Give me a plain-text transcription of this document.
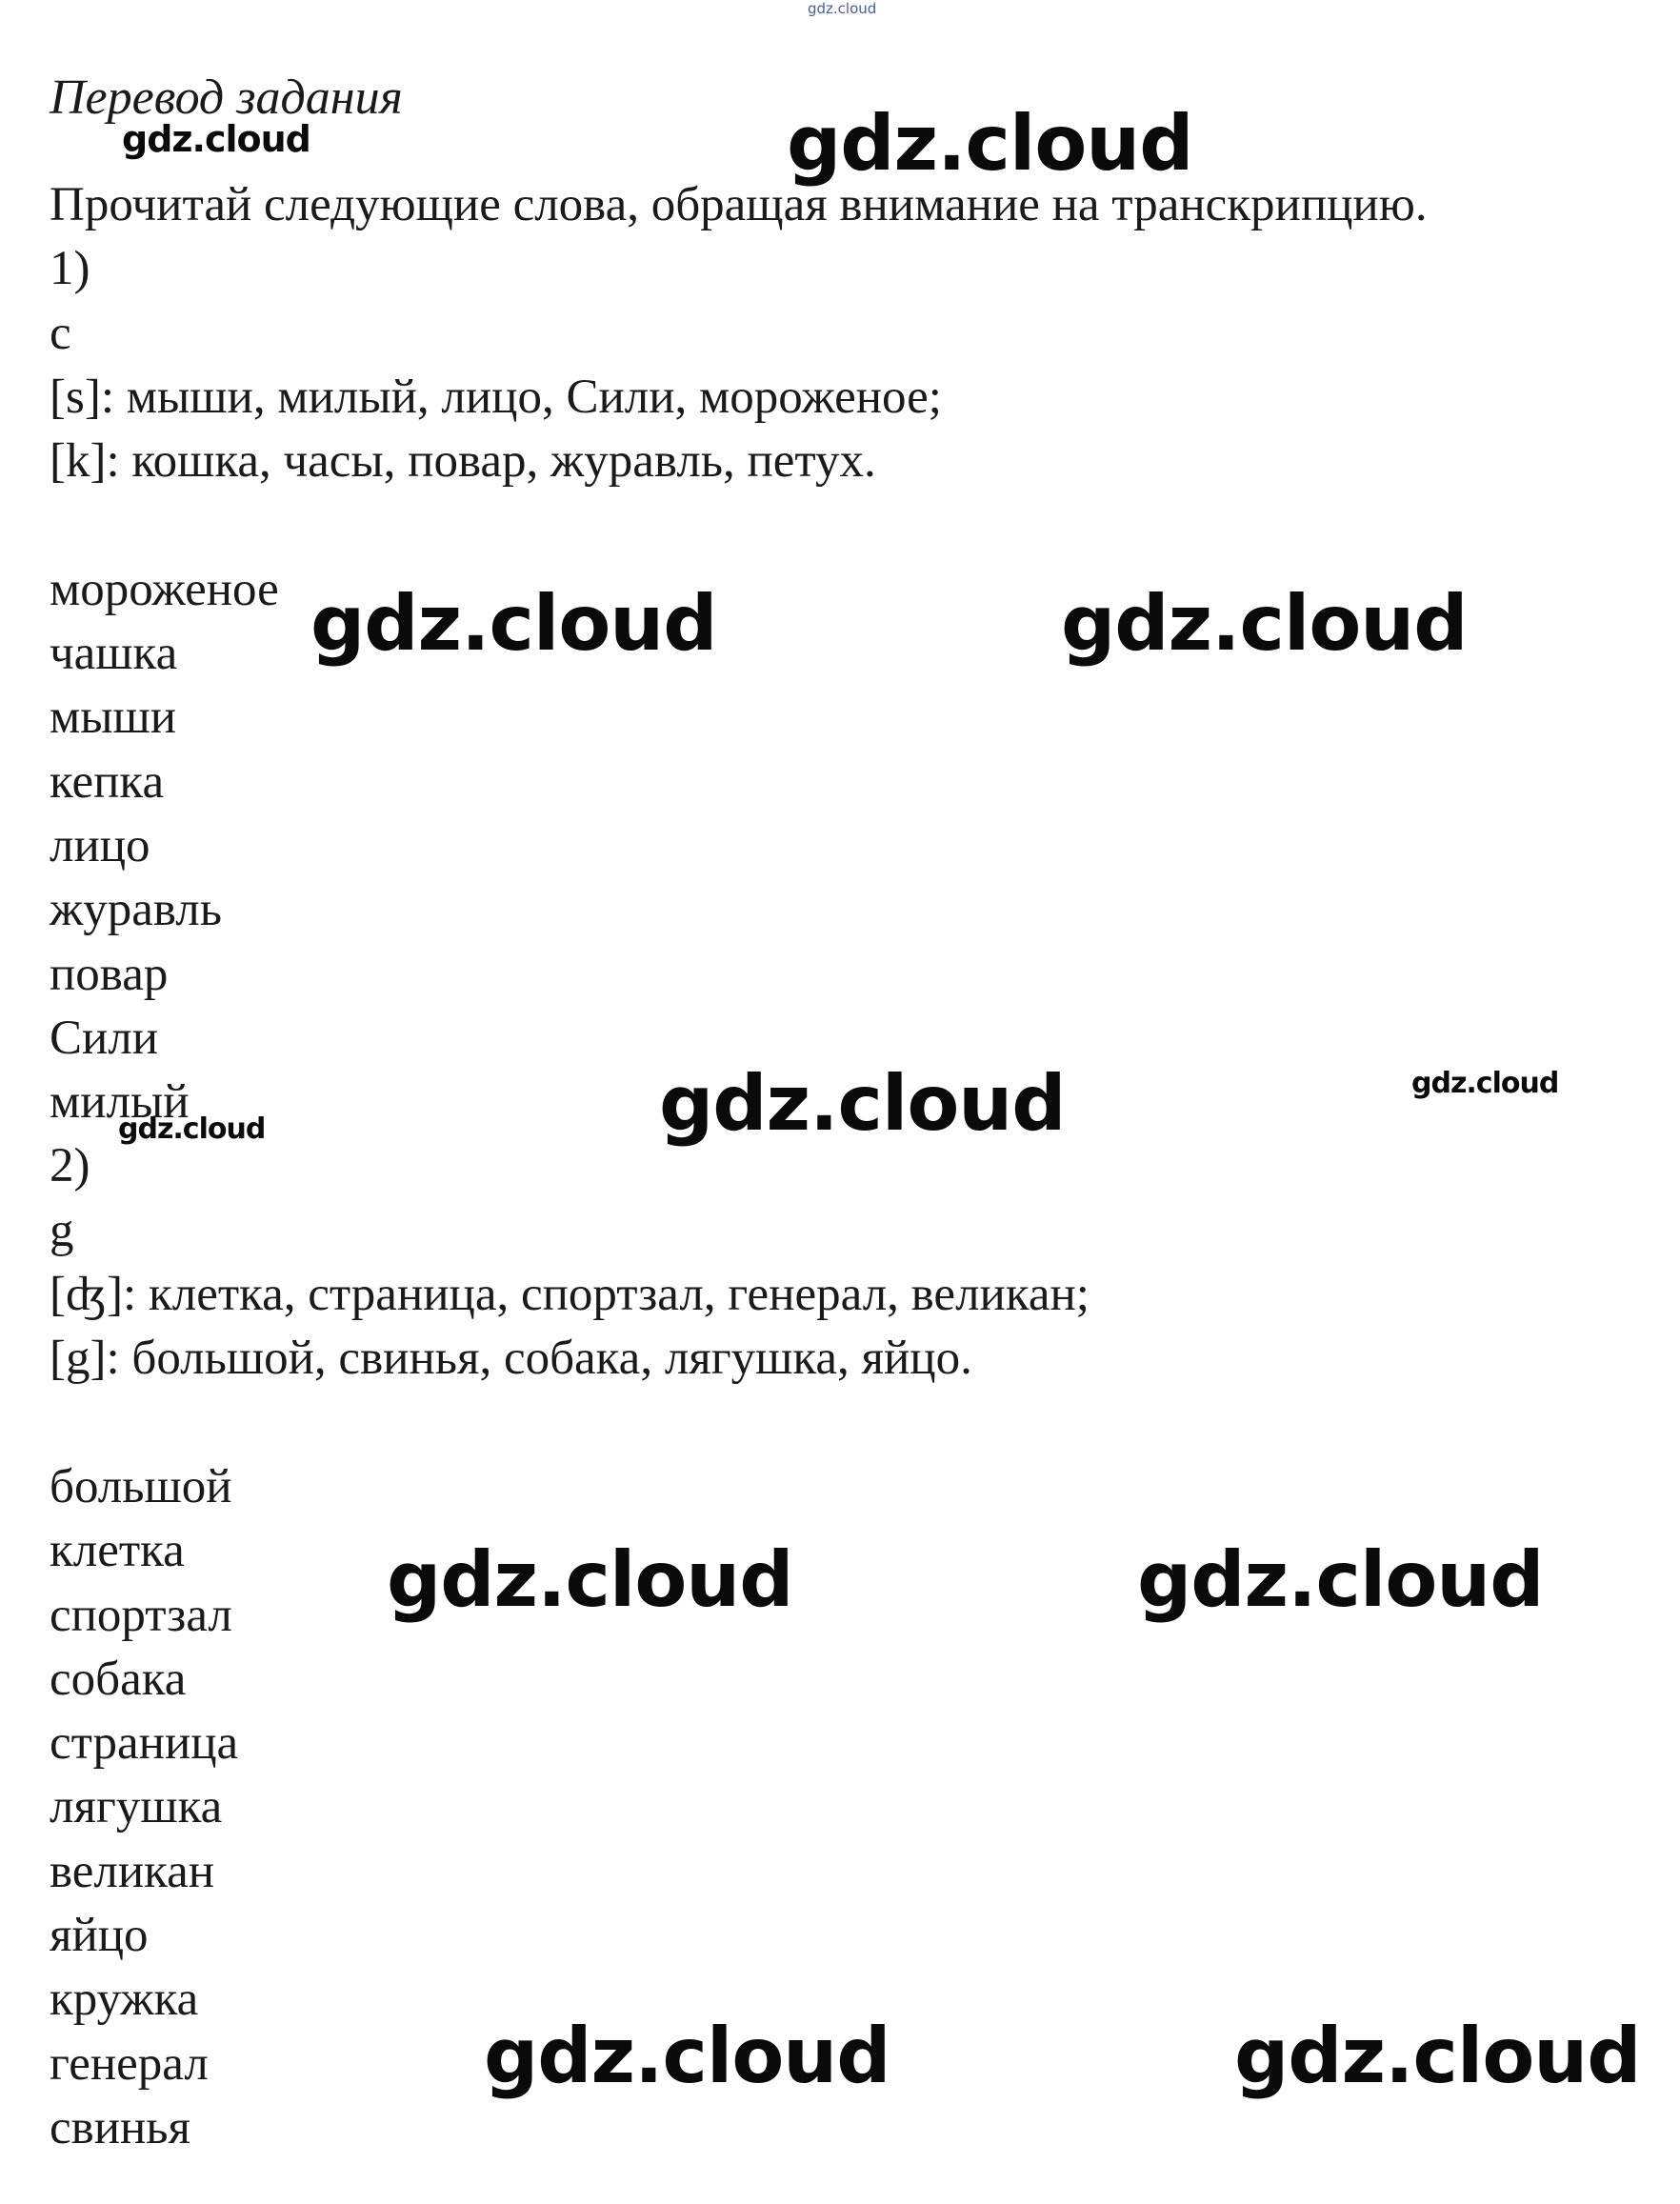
gdz.cloud
Перевод задания
Прочитай следующие слова, обращая внимание на транскрипцию.
1)
c
[s]: мыши, милый, лицо, Сили, мороженое;
[k]: кошка, часы, повар, журавль, петух.
мороженое
чашка
мыши
кепка
лицо
журавль
повар
Сили
милый
2)
g
[ʤ]: клетка, страница, спортзал, генерал, великан;
[g]: большой, свинья, собака, лягушка, яйцо.
большой
клетка
спортзал
собака
страница
лягушка
великан
яйцо
кружка
генерал
свинья
gdz.cloud	gdz.cloud
gdz.cloud	gdz.cloud
gdz.cloud	gdz.cloud
gdz.cloud
gdz.cloud	gdz.cloud
gdz.cloud	gdz.cloud
